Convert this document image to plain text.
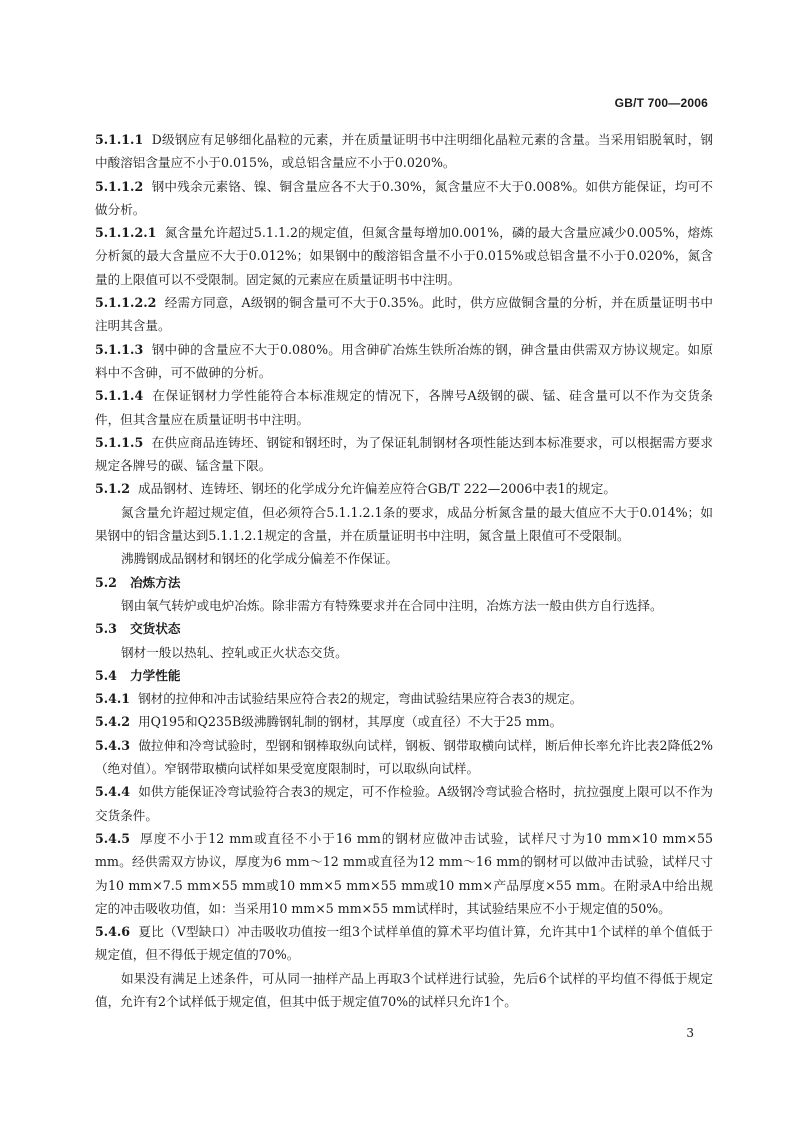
GB/T 700—2006

5.1.1.1 D级钢应有足够细化晶粒的元素，并在质量证明书中注明细化晶粒元素的含量。当采用铝脱氧时，钢中酸溶铝含量应不小于0.015%，或总铝含量应不小于0.020%。

5.1.1.2 钢中残余元素铬、镍、铜含量应各不大于0.30%，氮含量应不大于0.008%。如供方能保证，均可不做分析。

5.1.1.2.1 氮含量允许超过5.1.1.2的规定值，但氮含量每增加0.001%，磷的最大含量应减少0.005%，熔炼分析氮的最大含量应不大于0.012%；如果钢中的酸溶铝含量不小于0.015%或总铝含量不小于0.020%，氮含量的上限值可以不受限制。固定氮的元素应在质量证明书中注明。

5.1.1.2.2 经需方同意，A级钢的铜含量可不大于0.35%。此时，供方应做铜含量的分析，并在质量证明书中注明其含量。

5.1.1.3 钢中砷的含量应不大于0.080%。用含砷矿冶炼生铁所冶炼的钢，砷含量由供需双方协议规定。如原料中不含砷，可不做砷的分析。

5.1.1.4 在保证钢材力学性能符合本标准规定的情况下，各牌号A级钢的碳、锰、硅含量可以不作为交货条件，但其含量应在质量证明书中注明。

5.1.1.5 在供应商品连铸坯、钢锭和钢坯时，为了保证轧制钢材各项性能达到本标准要求，可以根据需方要求规定各牌号的碳、锰含量下限。

5.1.2 成品钢材、连铸坯、钢坯的化学成分允许偏差应符合GB/T 222—2006中表1的规定。

氮含量允许超过规定值，但必须符合5.1.1.2.1条的要求，成品分析氮含量的最大值应不大于0.014%；如果钢中的铝含量达到5.1.1.2.1规定的含量，并在质量证明书中注明，氮含量上限值可不受限制。

沸腾钢成品钢材和钢坯的化学成分偏差不作保证。

5.2 冶炼方法

钢由氧气转炉或电炉冶炼。除非需方有特殊要求并在合同中注明，冶炼方法一般由供方自行选择。

5.3 交货状态

钢材一般以热轧、控轧或正火状态交货。

5.4 力学性能

5.4.1 钢材的拉伸和冲击试验结果应符合表2的规定，弯曲试验结果应符合表3的规定。

5.4.2 用Q195和Q235B级沸腾钢轧制的钢材，其厚度（或直径）不大于25 mm。

5.4.3 做拉伸和冷弯试验时，型钢和钢棒取纵向试样，钢板、钢带取横向试样，断后伸长率允许比表2降低2%（绝对值）。窄钢带取横向试样如果受宽度限制时，可以取纵向试样。

5.4.4 如供方能保证冷弯试验符合表3的规定，可不作检验。A级钢冷弯试验合格时，抗拉强度上限可以不作为交货条件。

5.4.5 厚度不小于12 mm或直径不小于16 mm的钢材应做冲击试验，试样尺寸为10 mm×10 mm×55 mm。经供需双方协议，厚度为6 mm～12 mm或直径为12 mm～16 mm的钢材可以做冲击试验，试样尺寸为10 mm×7.5 mm×55 mm或10 mm×5 mm×55 mm或10 mm×产品厚度×55 mm。在附录A中给出规定的冲击吸收功值，如：当采用10 mm×5 mm×55 mm试样时，其试验结果应不小于规定值的50%。

5.4.6 夏比（V型缺口）冲击吸收功值按一组3个试样单值的算术平均值计算，允许其中1个试样的单个值低于规定值，但不得低于规定值的70%。

如果没有满足上述条件，可从同一抽样产品上再取3个试样进行试验，先后6个试样的平均值不得低于规定值，允许有2个试样低于规定值，但其中低于规定值70%的试样只允许1个。

3
